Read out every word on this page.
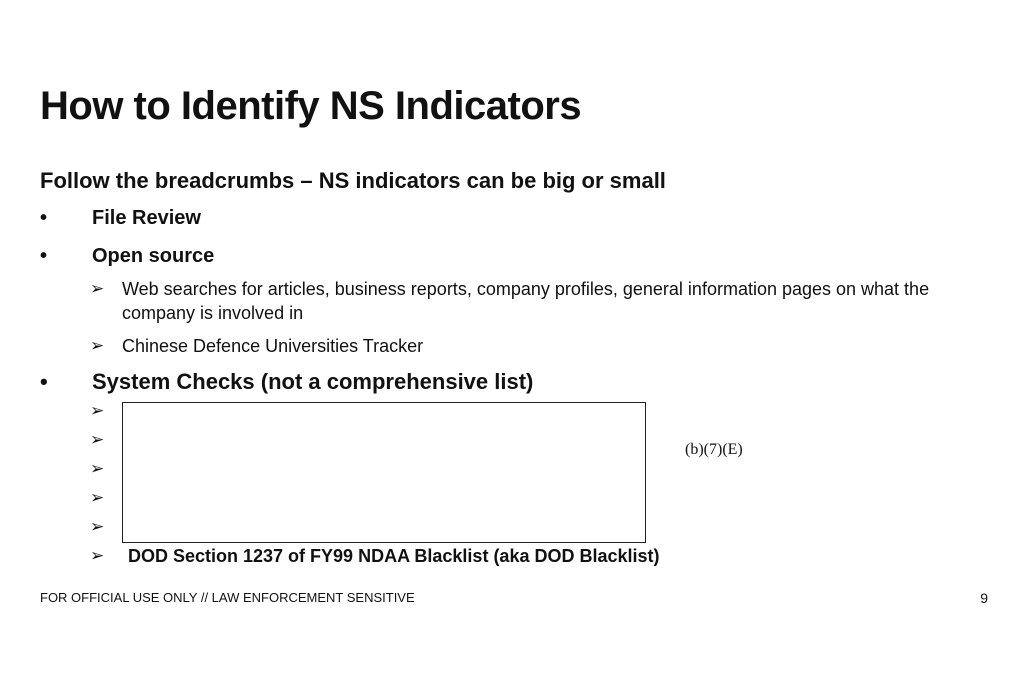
How to Identify NS Indicators
Follow the breadcrumbs – NS indicators can be big or small
• File Review
• Open source
➢ Web searches for articles, business reports, company profiles, general information pages on what the company is involved in
➢ Chinese Defence Universities Tracker
• System Checks (not a comprehensive list)
➢
➢
➢
➢
➢
(b)(7)(E)
➢ DOD Section 1237 of FY99 NDAA Blacklist (aka DOD Blacklist)
FOR OFFICIAL USE ONLY // LAW ENFORCEMENT SENSITIVE	9
